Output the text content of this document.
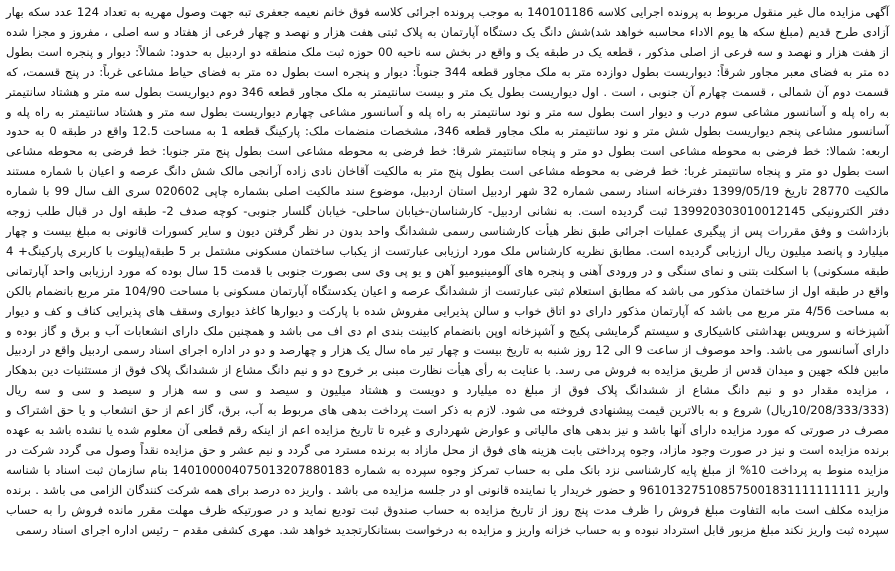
آگهی مزایده مال غیر منقول مربوط به پرونده اجرایی کلاسه 140101186 به موجب پرونده اجرائی کلاسه فوق خانم نعیمه جعفری تبه جهت وصول مهریه به تعداد 124 عدد سکه بهار آزادی طرح قدیم (مبلغ سکه ها یوم الاداء محاسبه خواهد شد)شش دانگ یک دستگاه آپارتمان به پلاک ثبتی هفت هزار و نهصد و چهار فرعی از هفتاد و سه اصلی ، مفروز و مجزا شده از هفت هزار و نهصد و سه فرعی از اصلی مذکور ، قطعه یک در طبقه یک و واقع در بخش سه ناحیه 00 حوزه ثبت ملک منطقه دو اردبیل به حدود: شمالاً: دیوار و پنجره است بطول ده متر به فضای معبر مجاور شرقاً: دیواریست بطول دوازده متر به ملک مجاور قطعه 344 جنوباً: دیوار و پنجره است بطول ده متر به فضای حیاط مشاعی غرباً: در پنج قسمت، که قسمت دوم آن شمالی ، قسمت چهارم آن جنوبی ، است . اول دیواریست بطول یک متر و بیست سانتیمتر به ملک مجاور قطعه 346 دوم دیواریست بطول سه متر و هشتاد سانتیمتر به راه پله و آسانسور مشاعی سوم درب و دیوار است بطول سه متر و نود سانتیمتر به راه پله و آسانسور مشاعی چهارم دیواریست بطول سه متر و هشتاد سانتیمتر به راه پله و آسانسور مشاعی پنجم دیواریست بطول شش متر و نود سانتیمتر به ملک مجاور قطعه 346، مشخصات منضمات ملک: پارکینگ قطعه 1 به مساحت 12.5 واقع در طبقه 0 به حدود اربعه: شمالا: خط فرضی به محوطه مشاعی است بطول دو متر و پنجاه سانتیمتر شرقا: خط فرضی به محوطه مشاعی است بطول پنج متر جنوبا: خط فرضی به محوطه مشاعی است بطول دو متر و پنجاه سانتیمتر غربا: خط فرضی به محوطه مشاعی است بطول پنج متر به مالکیت آقاخان نادی زاده آرانجی مالک شش دانگ عرصه و اعیان با شماره مستند مالکیت 28770 تاریخ 1399/05/19 دفترخانه اسناد رسمی شماره 32 شهر اردبیل استان اردبیل، موضوع سند مالکیت اصلی بشماره چاپی 020602 سری الف سال 99 با شماره دفتر الکترونیکی 139920303010012145 ثبت گردیده است. به نشانی اردبیل- کارشناسان-خیابان ساحلی- خیابان گلسار جنوبی- کوچه صدف 2- طبقه اول در قبال طلب زوجه بازداشت و وفق مقررات پس از پیگیری عملیات اجرائی طبق نظر هیأت کارشناسی رسمی ششدانگ واحد بدون در نظر گرفتن دیون و سایر کسورات قانونی به مبلغ بیست و چهار میلیارد و پانصد میلیون ریال ارزیابی گردیده است. مطابق نظریه کارشناس ملک مورد ارزیابی عبارتست از یکباب ساختمان مسکونی مشتمل بر 5 طبقه(پیلوت با کاربری پارکینگ+ 4 طبقه مسکونی) با اسکلت بتنی و نمای سنگی و در ورودی آهنی و پنجره های آلومینیومیو آهن و یو پی وی سی بصورت جنوبی با قدمت 15 سال بوده که مورد ارزیابی واحد آپارتمانی واقع در طبقه اول از ساختمان مذکور می باشد که مطابق استعلام ثبتی عبارتست از ششدانگ عرصه و اعیان یکدستگاه آپارتمان مسکونی با مساحت 104/90 متر مربع بانضمام بالکن به مساحت 4/56 متر مربع می باشد که آپارتمان مذکور دارای دو اتاق خواب و سالن پذیرایی مفروش شده با پارکت و دیوارها کاغذ دیواری وسقف های پذیرایی کناف و کف و دیوار آشپزخانه و سرویس بهداشتی کاشیکاری و سیستم گرمایشی پکیج و آشپزخانه اوپن بانضمام کابینت بندی ام دی اف می باشد و همچنین ملک دارای انشعابات آب و برق و گاز بوده و دارای آسانسور می باشد. واحد موصوف از ساعت 9 الی 12 روز شنبه به تاریخ بیست و چهار تیر ماه سال یک هزار و چهارصد و دو در اداره اجرای اسناد رسمی اردبیل واقع در اردبیل مابین فلکه جهین و میدان قدس از طریق مزایده به فروش می رسد. با عنایت به رأی هیأت نظارت مبنی بر خروج دو و نیم دانگ مشاع از ششدانگ پلاک فوق از مستثنیات دین بدهکار ، مزایده مقدار دو و نیم دانگ مشاع از ششدانگ پلاک فوق از مبلغ ده میلیارد و دویست و هشتاد میلیون و سیصد و سی و سه هزار و سیصد و سی و سه ریال (10/208/333/333ریال) شروع و به بالاترین قیمت پیشنهادی فروخته می شود. لازم به ذکر است پرداخت بدهی های مربوط به آب، برق، گاز اعم از حق انشعاب و یا حق اشتراک و مصرف در صورتی که مورد مزایده دارای آنها باشد و نیز بدهی های مالیاتی و عوارض شهرداری و غیره تا تاریخ مزایده اعم از اینکه رقم قطعی آن معلوم شده یا نشده باشد به عهده برنده مزایده است و نیز در صورت وجود مازاد، وجوه پرداختی بابت هزینه های فوق از محل مازاد به برنده مسترد می گردد و نیم عشر و حق مزایده نقداً وصول می گردد شرکت در مزایده منوط به پرداخت 10% از مبلغ پایه کارشناسی نزد بانک ملی به حساب تمرکز وجوه سپرده به شماره 140100004075013207880183 بنام سازمان ثبت اسناد با شناسه واریز 961013275108575001831111111111 و حضور خریدار یا نماینده قانونی او در جلسه مزایده می باشد . واریز ده درصد برای همه شرکت کنندگان الزامی می باشد . برنده مزایده مکلف است مابه التفاوت مبلغ فروش را ظرف مدت پنج روز از تاریخ مزایده به حساب صندوق ثبت تودیع نماید و در صورتیکه ظرف مهلت مقرر مانده فروش را به حساب سپرده ثبت واریز نکند مبلغ مزبور قابل استرداد نبوده و به حساب خزانه واریز و مزایده به درخواست بستانکارتجدید خواهد شد. مهری کشفی مقدم – رئیس اداره اجرای اسناد رسمی
